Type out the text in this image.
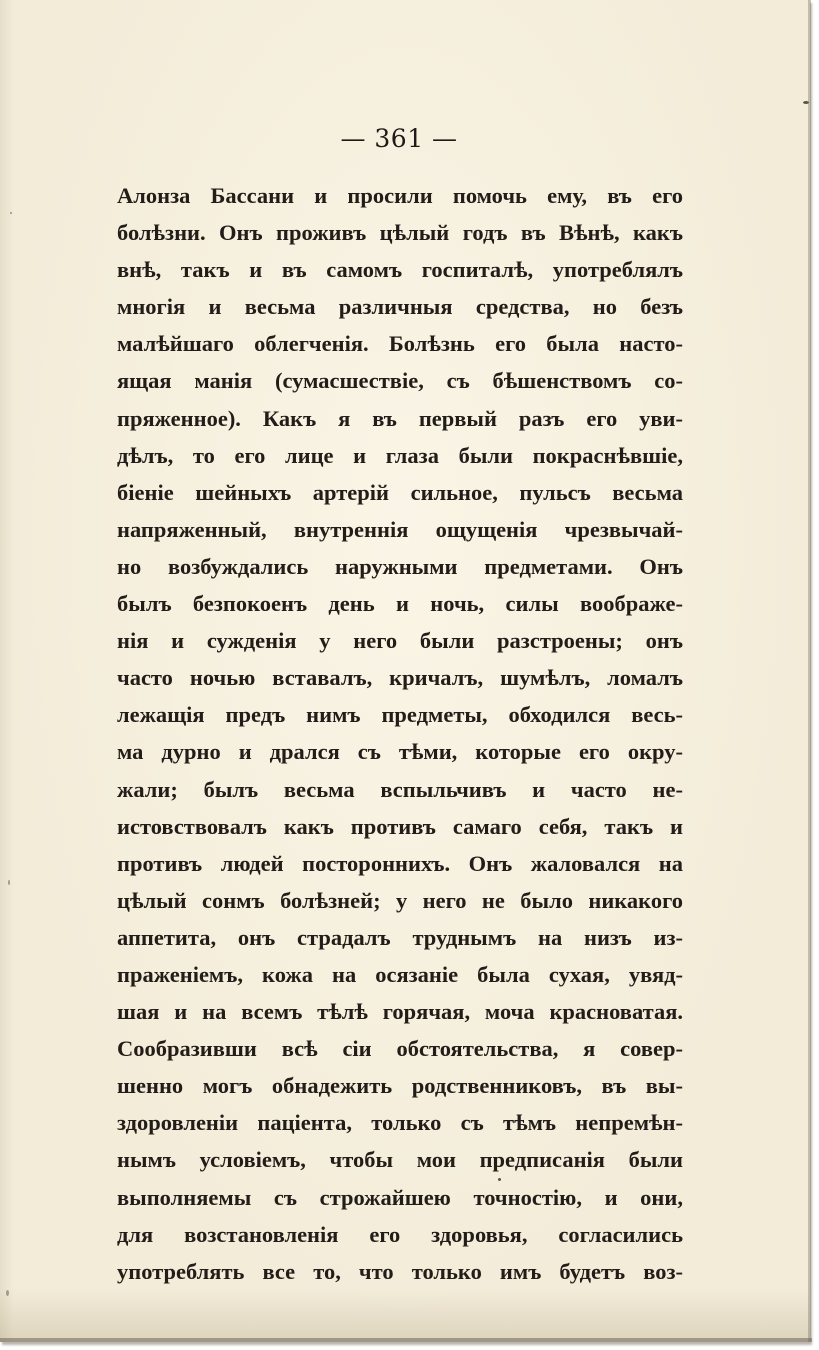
— 361 —
Алонза Бассани и просили помочь ему, въ его
болѣзни. Онъ проживъ цѣлый годъ въ Вѣнѣ, какъ
внѣ, такъ и въ самомъ госпиталѣ, употреблялъ
многія и весьма различныя средства, но безъ
малѣйшаго облегченія. Болѣзнь его была насто-
ящая манія (сумасшествіе, съ бѣшенствомъ со-
пряженное). Какъ я въ первый разъ его уви-
дѣлъ, то его лице и глаза были покраснѣвшіе,
біеніе шейныхъ артерій сильное, пульсъ весьма
напряженный, внутреннія ощущенія чрезвычай-
но возбуждались наружными предметами. Онъ
былъ безпокоенъ день и ночь, силы воображе-
нія и сужденія у него были разстроены; онъ
часто ночью вставалъ, кричалъ, шумѣлъ, ломалъ
лежащія предъ нимъ предметы, обходился весь-
ма дурно и дрался съ тѣми, которые его окру-
жали; былъ весьма вспыльчивъ и часто не-
истовствовалъ какъ противъ самаго себя, такъ и
противъ людей постороннихъ. Онъ жаловался на
цѣлый сонмъ болѣзней; у него не было никакого
аппетита, онъ страдалъ труднымъ на низъ из-
праженіемъ, кожа на осязаніе была сухая, увяд-
шая и на всемъ тѣлѣ горячая, моча красноватая.
Сообразивши всѣ сіи обстоятельства, я совер-
шенно могъ обнадежить родственниковъ, въ вы-
здоровленіи пацiента, только съ тѣмъ непремѣн-
нымъ условіемъ, чтобы мои предписанія были
выполняемы съ строжайшею точностію, и они,
для возстановленія его здоровья, согласились
употреблять все то, что только имъ будетъ воз-
